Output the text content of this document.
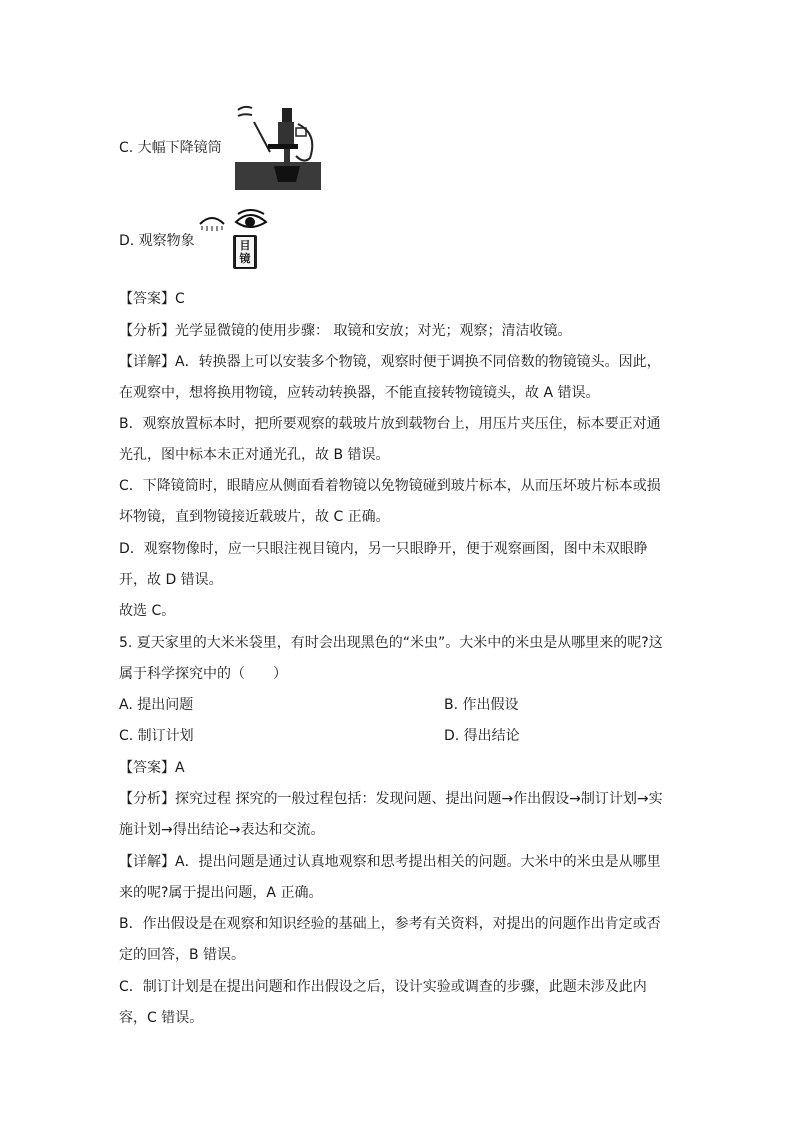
C. 大幅下降镜筒
D. 观察物象	目
镜
【答案】C
【分析】光学显微镜的使用步骤： 取镜和安放；对光；观察；清洁收镜。
【详解】A．转换器上可以安装多个物镜，观察时便于调换不同倍数的物镜镜头。因此，
在观察中，想将换用物镜，应转动转换器，不能直接转物镜镜头，故 A 错误。
B．观察放置标本时，把所要观察的载玻片放到载物台上，用压片夹压住，标本要正对通
光孔，图中标本未正对通光孔，故 B 错误。
C．下降镜筒时，眼睛应从侧面看着物镜以免物镜碰到玻片标本，从而压坏玻片标本或损
坏物镜，直到物镜接近载玻片，故 C 正确。
D．观察物像时，应一只眼注视目镜内，另一只眼睁开，便于观察画图，图中未双眼睁
开，故 D 错误。
故选 C。
5. 夏天家里的大米米袋里，有时会出现黑色的“米虫”。大米中的米虫是从哪里来的呢?这
属于科学探究中的（　　）
A. 提出问题	B. 作出假设
C. 制订计划	D. 得出结论
【答案】A
【分析】探究过程 探究的一般过程包括：发现问题、提出问题→作出假设→制订计划→实
施计划→得出结论→表达和交流。
【详解】A．提出问题是通过认真地观察和思考提出相关的问题。大米中的米虫是从哪里
来的呢?属于提出问题，A 正确。
B．作出假设是在观察和知识经验的基础上，参考有关资料，对提出的问题作出肯定或否
定的回答，B 错误。
C．制订计划是在提出问题和作出假设之后，设计实验或调查的步骤，此题未涉及此内
容，C 错误。
